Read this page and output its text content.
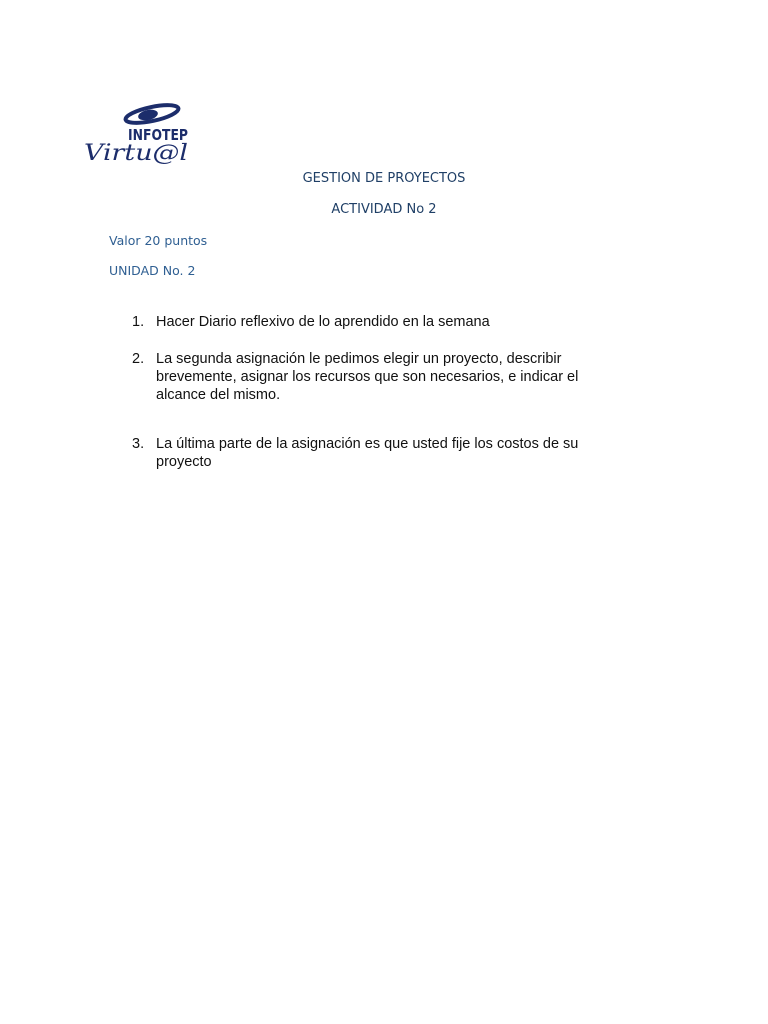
INFOTEP
Virtu@l
GESTION DE PROYECTOS
ACTIVIDAD No 2
Valor 20 puntos
UNIDAD No. 2
1. Hacer Diario reflexivo de lo aprendido en la semana
2. La segunda asignación le pedimos elegir un proyecto, describir brevemente, asignar los recursos que son necesarios, e indicar el alcance del mismo.
3. La última parte de la asignación es que usted fije los costos de su proyecto
